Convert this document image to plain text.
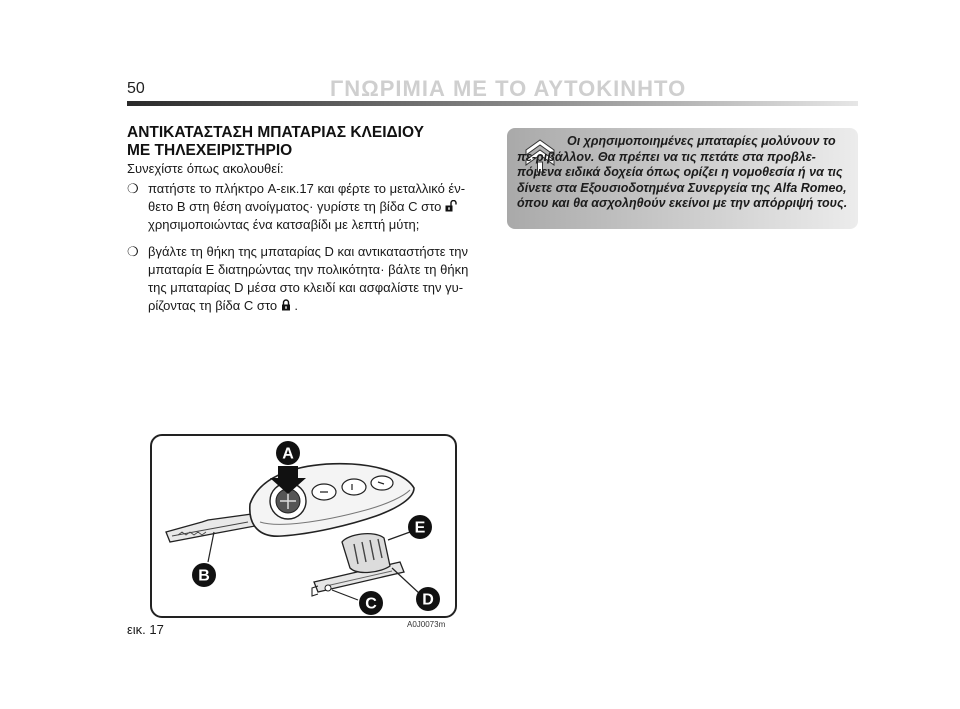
50	ΓΝΩΡΙΜΙΑ ΜΕ ΤΟ ΑΥΤΟΚΙΝΗΤΟ
ΑΝΤΙΚΑΤΑΣΤΑΣΗ ΜΠΑΤΑΡΙΑΣ ΚΛΕΙΔΙΟΥ
ΜΕ ΤΗΛΕΧΕΙΡΙΣΤΗΡΙΟ
Συνεχίστε όπως ακολουθεί:
❍ πατήστε το πλήκτρο A-εικ.17 και φέρτε το μεταλλικό έν-θετο B στη θέση ανοίγματος· γυρίστε τη βίδα C στο  χρησιμοποιώντας ένα κατσαβίδι με λεπτή μύτη;
❍ βγάλτε τη θήκη της μπαταρίας D και αντικαταστήστε την μπαταρία E διατηρώντας την πολικότητα· βάλτε τη θήκη της μπαταρίας D μέσα στο κλειδί και ασφαλίστε την γυ-ρίζοντας τη βίδα C στο .
Οι χρησιμοποιημένες μπαταρίες μολύνουν το πε-ριβάλλον. Θα πρέπει να τις πετάτε στα προβλε-πόμενα ειδικά δοχεία όπως ορίζει η νομοθεσία ή να τις δίνετε στα Εξουσιοδοτημένα Συνεργεία της Alfa Romeo, όπου και θα ασχοληθούν εκείνοι με την απόρριψή τους.
A
B
C	D
E
εικ. 17	A0J0073m
